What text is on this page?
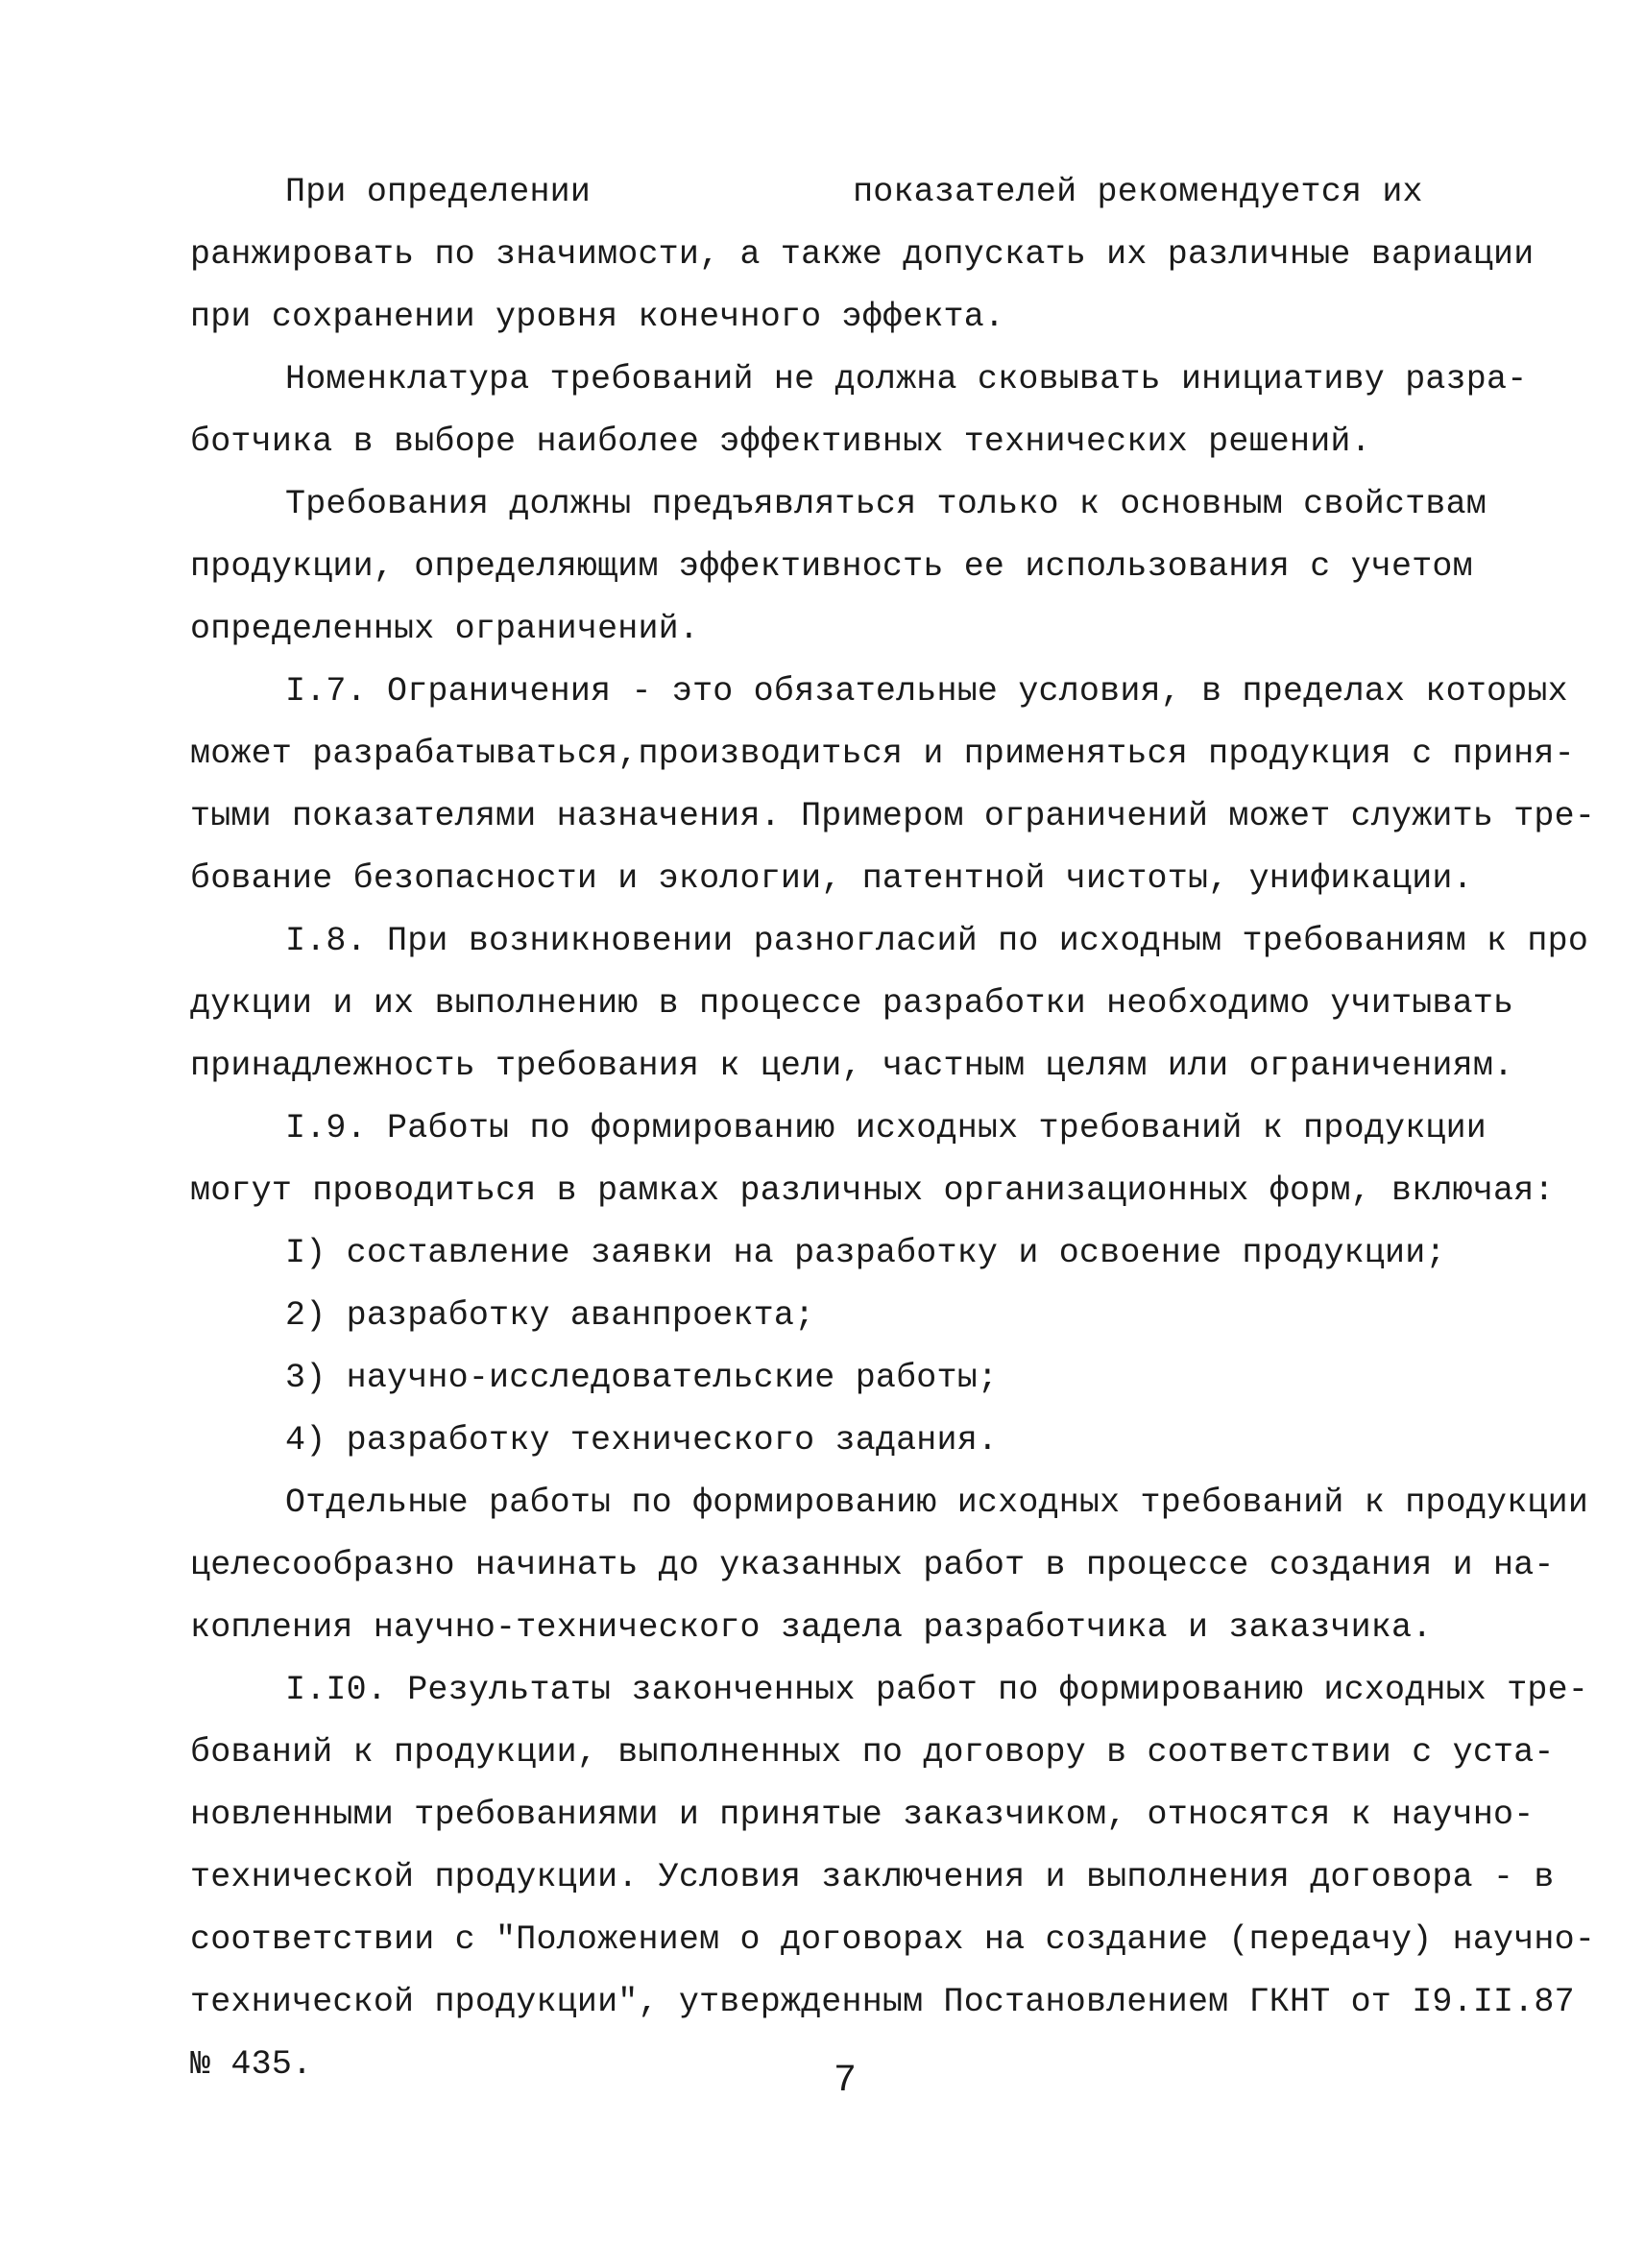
При определении	показателей рекомендуется их
ранжировать по значимости, а также допускать их различные вариации
при сохранении уровня конечного эффекта.
Номенклатура требований не должна сковывать инициативу разра-
ботчика в выборе наиболее эффективных технических решений.
Требования должны предъявляться только к основным свойствам
продукции, определяющим эффективность ее использования с учетом
определенных ограничений.
I.7. Ограничения - это обязательные условия, в пределах которых
может разрабатываться,производиться и применяться продукция с приня-
тыми показателями назначения. Примером ограничений может служить тре-
бование безопасности и экологии, патентной чистоты, унификации.
I.8. При возникновении разногласий по исходным требованиям к про
дукции и их выполнению в процессе разработки необходимо учитывать
принадлежность требования к цели, частным целям или ограничениям.
I.9. Работы по формированию исходных требований к продукции
могут проводиться в рамках различных организационных форм, включая:
I) составление заявки на разработку и освоение продукции;
2) разработку аванпроекта;
3) научно-исследовательские работы;
4) разработку технического задания.
Отдельные работы по формированию исходных требований к продукции
целесообразно начинать до указанных работ в процессе создания и на-
копления научно-технического задела разработчика и заказчика.
I.I0. Результаты законченных работ по формированию исходных тре-
бований к продукции, выполненных по договору в соответствии с уста-
новленными требованиями и принятые заказчиком, относятся к научно-
технической продукции. Условия заключения и выполнения договора - в
соответствии с "Положением о договорах на создание (передачу) научно-
технической продукции", утвержденным Постановлением ГКНТ от I9.II.87
№ 435.	7
